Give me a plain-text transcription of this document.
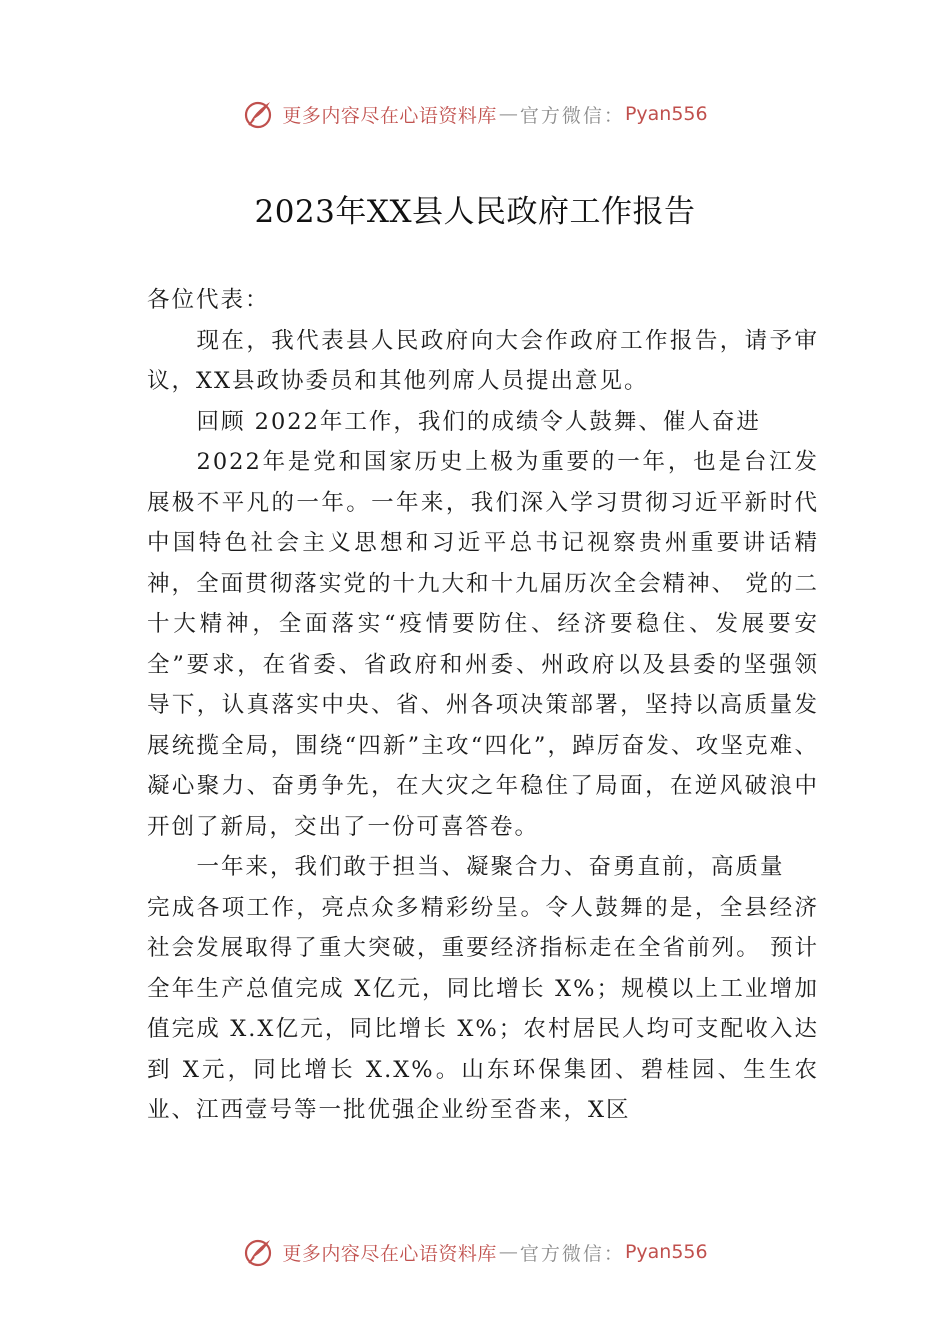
更多内容尽在心语资料库 — 官方微信： Pyan556
2023年XX县人民政府工作报告

各位代表：

现在，我代表县人民政府向大会作政府工作报告，请予审议，XX县政协委员和其他列席人员提出意见。

回顾 2022年工作，我们的成绩令人鼓舞、催人奋进

2022年是党和国家历史上极为重要的一年，也是台江发展极不平凡的一年。一年来，我们深入学习贯彻习近平新时代中国特色社会主义思想和习近平总书记视察贵州重要讲话精神，全面贯彻落实党的十九大和十九届历次全会精神、 党的二十大精神，全面落实“疫情要防住、经济要稳住、发展要安全”要求，在省委、省政府和州委、州政府以及县委的坚强领导下，认真落实中央、省、州各项决策部署，坚持以高质量发展统揽全局，围绕“四新”主攻“四化”，踔厉奋发、攻坚克难、凝心聚力、奋勇争先，在大灾之年稳住了局面，在逆风破浪中开创了新局，交出了一份可喜答卷。

一年来，我们敢于担当、凝聚合力、奋勇直前，高质量

完成各项工作，亮点众多精彩纷呈。令人鼓舞的是，全县经济社会发展取得了重大突破，重要经济指标走在全省前列。 预计全年生产总值完成 X亿元，同比增长 X%；规模以上工业增加值完成 X.X亿元，同比增长 X%；农村居民人均可支配收入达到 X元，同比增长 X.X%。山东环保集团、碧桂园、生生农业、江西壹号等一批优强企业纷至沓来，X区

更多内容尽在心语资料库 — 官方微信： Pyan556
